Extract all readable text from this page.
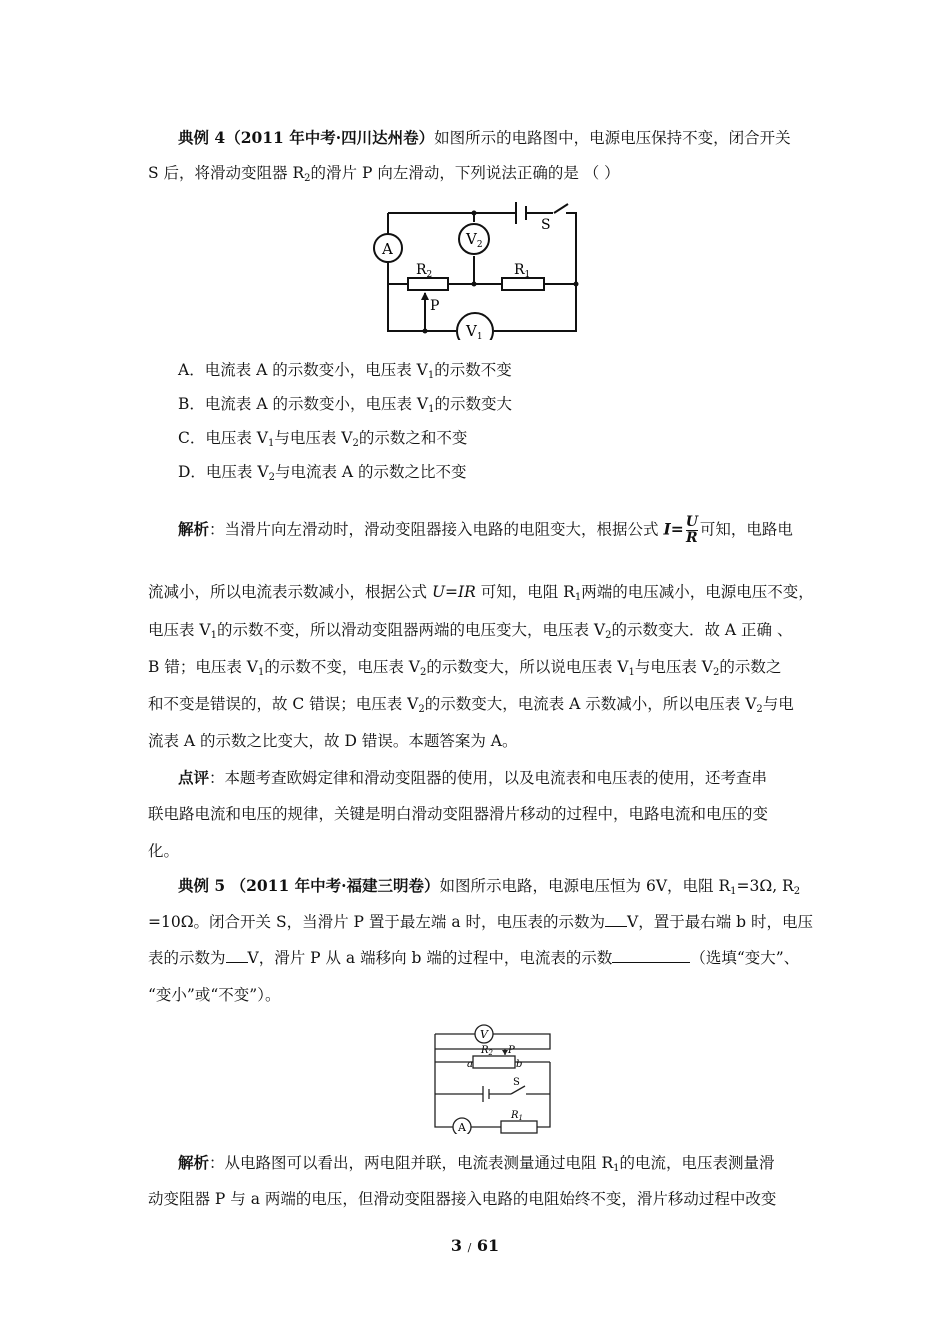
典例 4（2011 年中考·四川达州卷）如图所示的电路图中，电源电压保持不变，闭合开关
S 后，将滑动变阻器 $R_2$的滑片 P 向左滑动，下列说法正确的是 （ ）
A
$V_2$
$V_1$
$R_2$	$R_1$
P
S
A．电流表 A 的示数变小，电压表 $V_1$的示数不变
B．电流表 A 的示数变小，电压表 $V_1$的示数变大
C．电压表 $V_1$与电压表 $V_2$的示数之和不变
D．电压表 $V_2$与电流表 A 的示数之比不变
解析：当滑片向左滑动时，滑动变阻器接入电路的电阻变大，根据公式 $I= \frac{U}{R}$ 可知，电路电
流减小，所以电流表示数减小，根据公式 U=IR 可知，电阻 $R_1$两端的电压减小，电源电压不变，
电压表 $V_1$的示数不变，所以滑动变阻器两端的电压变大，电压表 $V_2$的示数变大．故 A 正确 、
B 错；电压表 $V_1$的示数不变，电压表 $V_2$的示数变大，所以说电压表 $V_1$与电压表 $V_2$的示数之
和不变是错误的，故 C 错误；电压表 $V_2$的示数变大，电流表 A 示数减小，所以电压表 $V_2$与电
流表 A 的示数之比变大，故 D 错误。本题答案为 A。
点评：本题考查欧姆定律和滑动变阻器的使用，以及电流表和电压表的使用，还考查串
联电路电流和电压的规律，关键是明白滑动变阻器滑片移动的过程中，电路电流和电压的变
化。
典例 5 （2011 年中考·福建三明卷）如图所示电路，电源电压恒为 6V，电阻 $R_1=3\Omega$, $R_2$
=10Ω。闭合开关 S，当滑片 P 置于最左端 a 时，电压表的示数为 V，置于最右端 b 时，电压
表的示数为 V，滑片 P 从 a 端移向 b 端的过程中，电流表的示数	（选填“变大”、
“变小”或“不变”）。
V
A
$R_2$ P
a	b
$R_1$
S
解析：从电路图可以看出，两电阻并联，电流表测量通过电阻 $R_1$的电流，电压表测量滑
动变阻器 P 与 a 两端的电压，但滑动变阻器接入电路的电阻始终不变，滑片移动过程中改变
3 / 61
